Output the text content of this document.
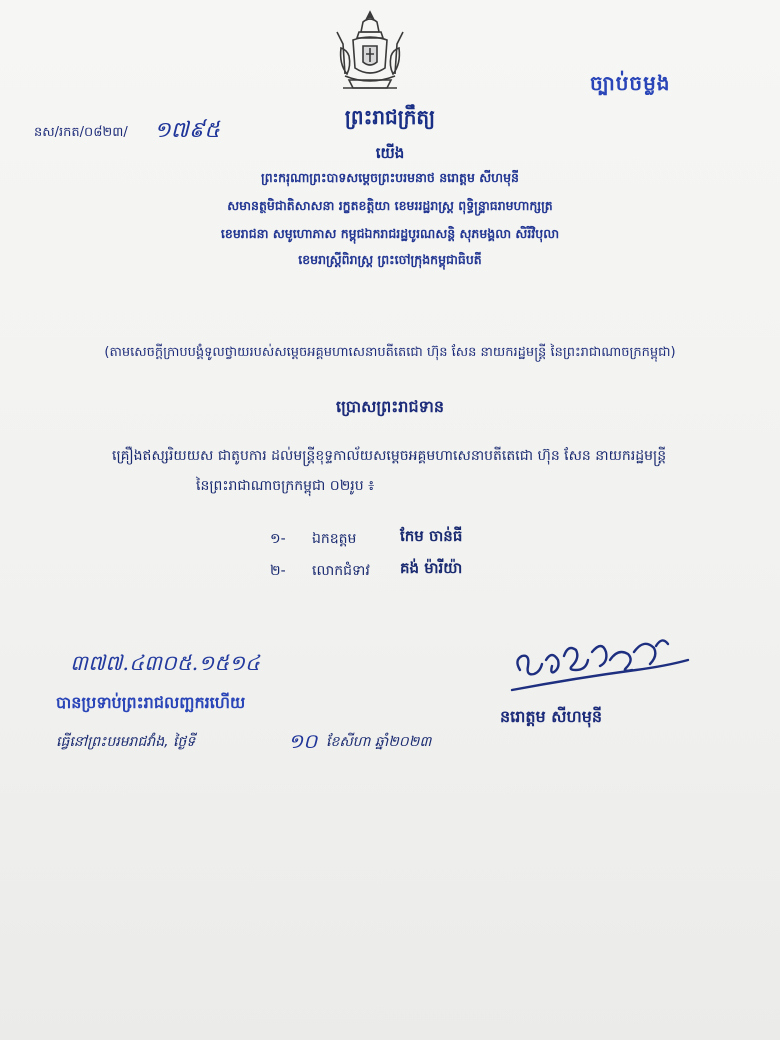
ច្បាប់ចម្លង
នស/រកត/០៨២៣/ ១៧៩៥
ព្រះរាជក្រឹត្យ
យើង
ព្រះករុណាព្រះបាទសម្តេចព្រះបរមនាថ នរោត្តម សីហមុនី
សមានត្ថមិជាតិសាសនា រក្ខតខត្តិយា ខេមររដ្ឋរាស្ត្រ ពុទ្ធិន្ទ្រាធរាមហាក្សត្រ
ខេមរាជនា សមូហោភាស កម្ពុជឯករាជរដ្ឋបូរណសន្តិ សុភមង្គលា សិរីវិបុលា
ខេមរាស្ត្រីពិរាស្ត្រ ព្រះចៅក្រុងកម្ពុជាធិបតី
(តាមសេចក្តីក្រាបបង្គំទូលថ្វាយរបស់សម្តេចអគ្គមហាសេនាបតីតេជោ ហ៊ុន សែន នាយករដ្ឋមន្ត្រី នៃព្រះរាជាណាចក្រកម្ពុជា)
ប្រោសព្រះរាជទាន
គ្រឿងឥស្សរិយយស ជាតូបការ ដល់មន្ត្រីខុទ្ទកាល័យសម្តេចអគ្គមហាសេនាបតីតេជោ ហ៊ុន សែន នាយករដ្ឋមន្ត្រី
នៃព្រះរាជាណាចក្រកម្ពុជា ០២រូប ៖
១- ឯកឧត្តម	កែម ចាន់ធី
២- លោកជំទាវ គង់ ម៉ារីយ៉ា
៣៧៧.៤៣០៥.១៥១៤
បានប្រទាប់ព្រះរាជលញ្ឆករហើយ
ធ្វើនៅព្រះបរមរាជវាំង, ថ្ងៃទី	១០ ខែសីហា ឆ្នាំ២០២៣
នរោត្តម សីហមុនី
